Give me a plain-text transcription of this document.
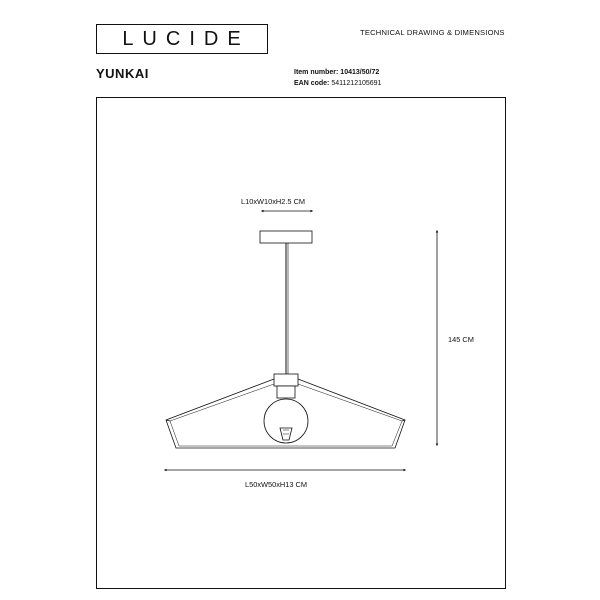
LUCIDE	TECHNICAL DRAWING & DIMENSIONS
YUNKAI	Item number: 10413/50/72
EAN code: 5411212105691
L10xW10xH2.5 CM
145 CM
L50xW50xH13 CM
